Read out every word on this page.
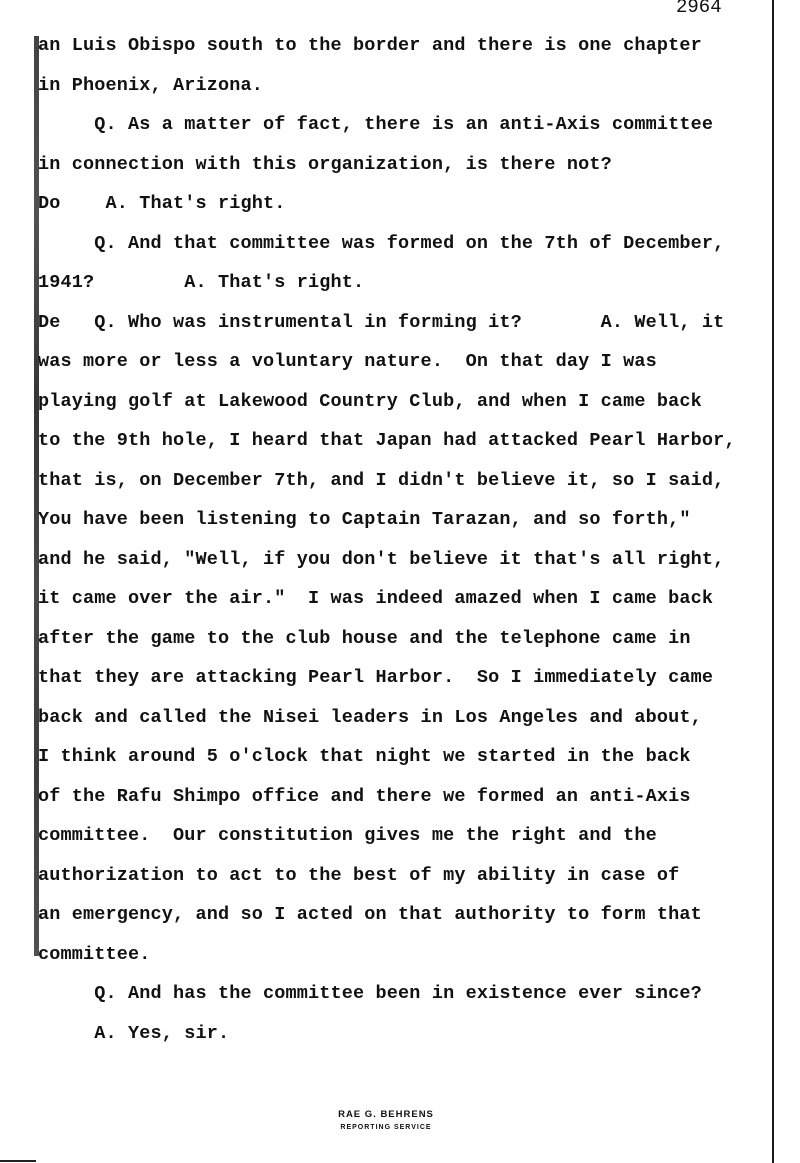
2964
an Luis Obispo south to the border and there is one chapter
in Phoenix, Arizona.
Q. As a matter of fact, there is an anti-Axis committee
in connection with this organization, is there not?
Do    A. That's right.
Q. And that committee was formed on the 7th of December,
1941?        A. That's right.
De   Q. Who was instrumental in forming it?       A. Well, it
was more or less a voluntary nature.  On that day I was
playing golf at Lakewood Country Club, and when I came back
to the 9th hole, I heard that Japan had attacked Pearl Harbor,
that is, on December 7th, and I didn't believe it, so I said,
You have been listening to Captain Tarazan, and so forth,"
and he said, "Well, if you don't believe it that's all right,
it came over the air."  I was indeed amazed when I came back
after the game to the club house and the telephone came in
that they are attacking Pearl Harbor.  So I immediately came
back and called the Nisei leaders in Los Angeles and about,
I think around 5 o'clock that night we started in the back
of the Rafu Shimpo office and there we formed an anti-Axis
committee.  Our constitution gives me the right and the
authorization to act to the best of my ability in case of
an emergency, and so I acted on that authority to form that
committee.
Q. And has the committee been in existence ever since?
A. Yes, sir.
RAE G. BEHRENS
REPORTING SERVICE
